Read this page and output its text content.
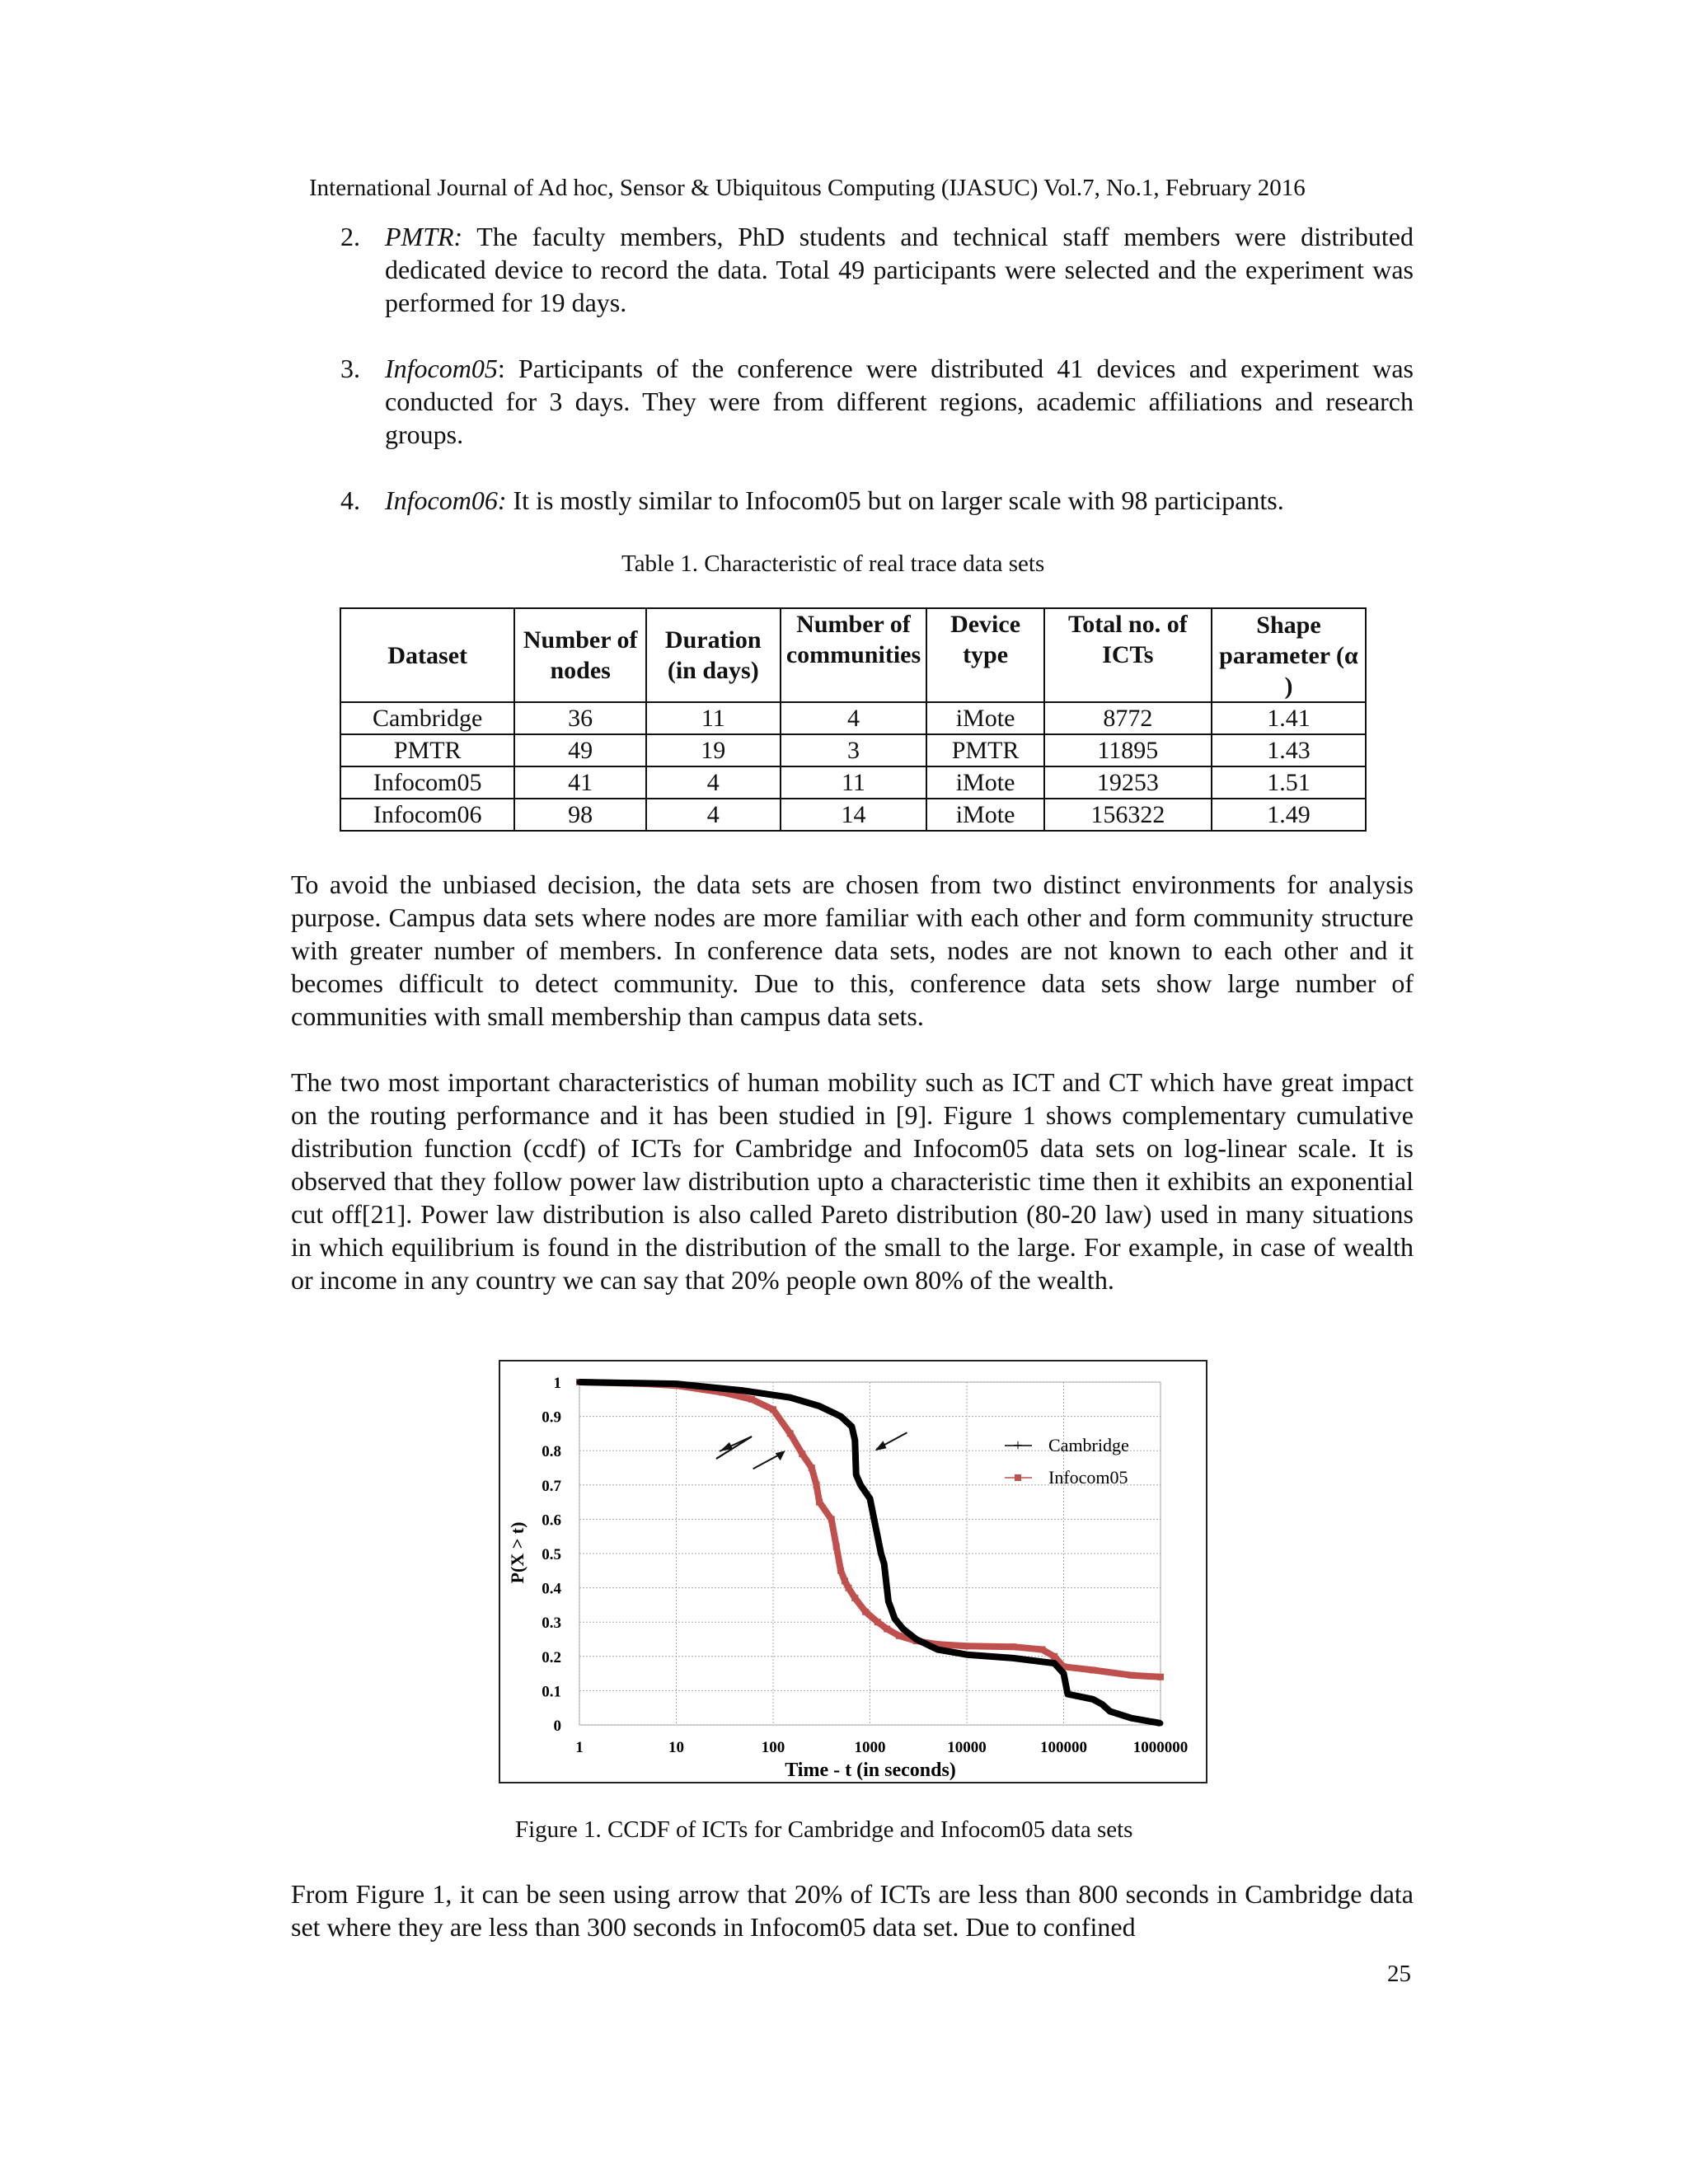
International Journal of Ad hoc, Sensor & Ubiquitous Computing (IJASUC) Vol.7, No.1, February 2016
2. PMTR: The faculty members, PhD students and technical staff members were distributed dedicated device to record the data. Total 49 participants were selected and the experiment was performed for 19 days.
3. Infocom05: Participants of the conference were distributed 41 devices and experiment was conducted for 3 days. They were from different regions, academic affiliations and research groups.
4. Infocom06: It is mostly similar to Infocom05 but on larger scale with 98 participants.
Table 1. Characteristic of real trace data sets
Dataset	Number of nodes	Duration (in days)	Number of communities	Device type	Total no. of ICTs	Shape parameter (α )
Cambridge	36	11	4	iMote	8772	1.41
PMTR	49	19	3	PMTR	11895	1.43
Infocom05	41	4	11	iMote	19253	1.51
Infocom06	98	4	14	iMote	156322	1.49
To avoid the unbiased decision, the data sets are chosen from two distinct environments for analysis purpose. Campus data sets where nodes are more familiar with each other and form community structure with greater number of members. In conference data sets, nodes are not known to each other and it becomes difficult to detect community. Due to this, conference data sets show large number of communities with small membership than campus data sets.
The two most important characteristics of human mobility such as ICT and CT which have great impact on the routing performance and it has been studied in [9]. Figure 1 shows complementary cumulative distribution function (ccdf) of ICTs for Cambridge and Infocom05 data sets on log-linear scale. It is observed that they follow power law distribution upto a characteristic time then it exhibits an exponential cut off[21]. Power law distribution is also called Pareto distribution (80-20 law) used in many situations in which equilibrium is found in the distribution of the small to the large. For example, in case of wealth or income in any country we can say that 20% people own 80% of the wealth.
0
0.1
0.2
0.3
0.4
0.5
0.6
0.7
0.8
0.9
1
1	10	100	1000	10000	100000	1000000
P(X > t)
Time - t (in seconds)
+ Cambridge
Infocom05
Figure 1. CCDF of ICTs for Cambridge and Infocom05 data sets
From Figure 1, it can be seen using arrow that 20% of ICTs are less than 800 seconds in Cambridge data set where they are less than 300 seconds in Infocom05 data set. Due to confined
25
